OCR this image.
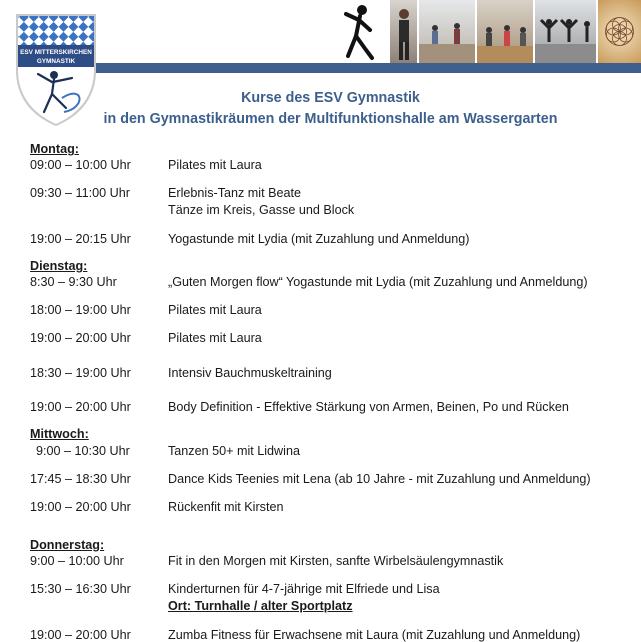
ESV MITTERSKIRCHEN
GYMNASTIK
Kurse des ESV Gymnastik
in den Gymnastikräumen der Multifunktionshalle am Wassergarten
Montag:
09:00 – 10:00 Uhr	Pilates mit Laura
09:30 – 11:00 Uhr	Erlebnis-Tanz mit Beate
Tänze im Kreis, Gasse und Block
19:00 – 20:15 Uhr	Yogastunde mit Lydia (mit Zuzahlung und Anmeldung)
Dienstag:
8:30 – 9:30 Uhr	„Guten Morgen flow“ Yogastunde mit Lydia (mit Zuzahlung und Anmeldung)
18:00 – 19:00 Uhr	Pilates mit Laura
19:00 – 20:00 Uhr	Pilates mit Laura
18:30 – 19:00 Uhr	Intensiv Bauchmuskeltraining
19:00 – 20:00 Uhr	Body Definition - Effektive Stärkung von Armen, Beinen, Po und Rücken
Mittwoch:
9:00 – 10:30 Uhr	Tanzen 50+ mit Lidwina
17:45 – 18:30 Uhr	Dance Kids Teenies mit Lena (ab 10 Jahre - mit Zuzahlung und Anmeldung)
19:00 – 20:00 Uhr	Rückenfit mit Kirsten
Donnerstag:
9:00 – 10:00 Uhr	Fit in den Morgen mit Kirsten, sanfte Wirbelsäulengymnastik
15:30 – 16:30 Uhr	Kinderturnen für 4-7-jährige mit Elfriede und Lisa
Ort: Turnhalle / alter Sportplatz
19:00 – 20:00 Uhr	Zumba Fitness für Erwachsene mit Laura (mit Zuzahlung und Anmeldung)
